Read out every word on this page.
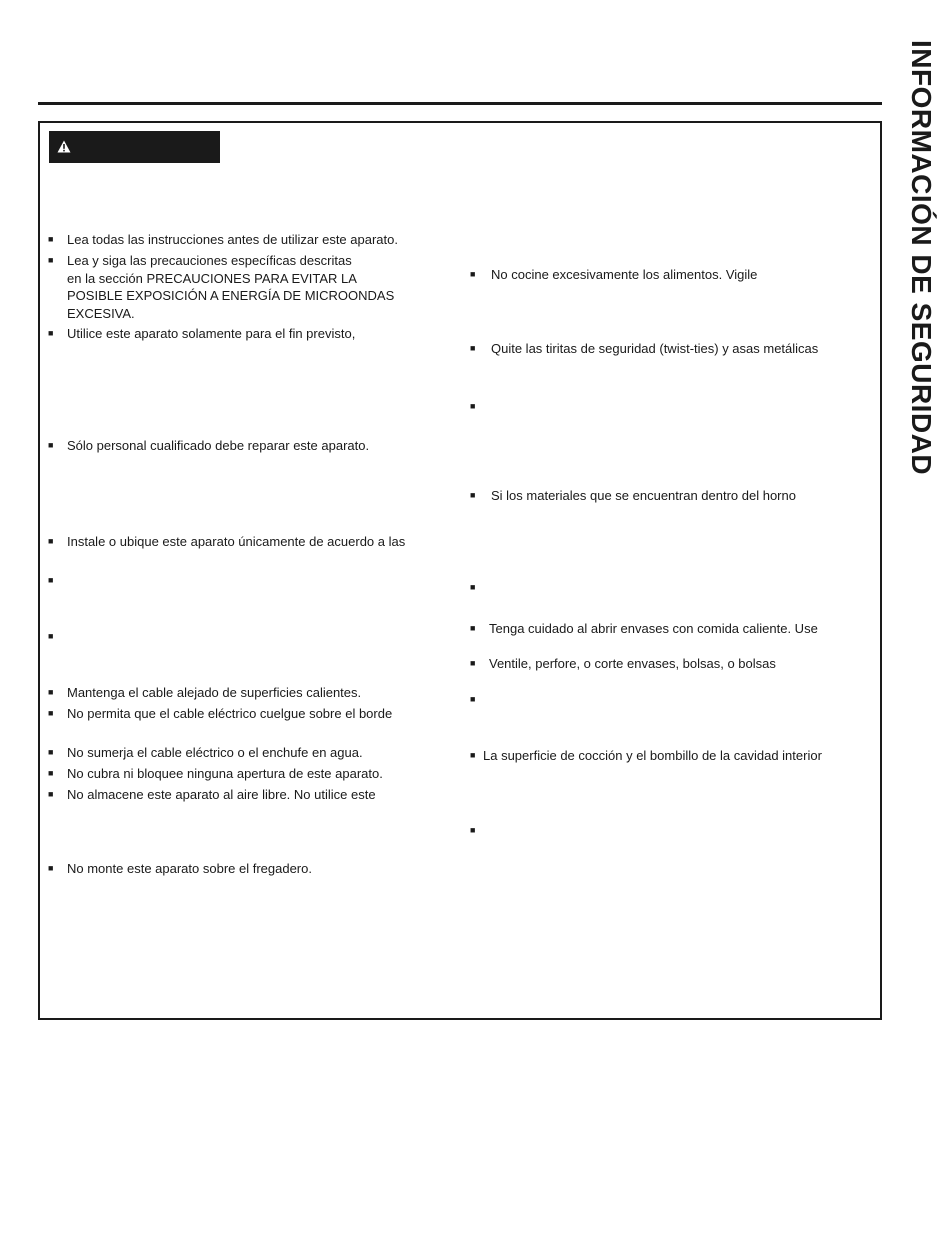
INFORMACIÓN DE SEGURIDAD
■	Lea todas las instrucciones antes de utilizar este aparato.
■	Lea y siga las precauciones específicas descritas
en la sección PRECAUCIONES PARA EVITAR LA
POSIBLE EXPOSICIÓN A ENERGÍA DE MICROONDAS
EXCESIVA.
■	Utilice este aparato solamente para el fin previsto,
■	Sólo personal cualificado debe reparar este aparato.
■	Instale o ubique este aparato únicamente de acuerdo a las
■
■
■	Mantenga el cable alejado de superficies calientes.
■	No permita que el cable eléctrico cuelgue sobre el borde
■	No sumerja el cable eléctrico o el enchufe en agua.
■	No cubra ni bloquee ninguna apertura de este aparato.
■	No almacene este aparato al aire libre. No utilice este
■	No monte este aparato sobre el fregadero.
■	No cocine excesivamente los alimentos. Vigile
■	Quite las tiritas de seguridad (twist-ties) y asas metálicas
■
■	Si los materiales que se encuentran dentro del horno
■
■	Tenga cuidado al abrir envases con comida caliente. Use
■	Ventile, perfore, o corte envases, bolsas, o bolsas
■
■ La superficie de cocción y el bombillo de la cavidad interior
■
